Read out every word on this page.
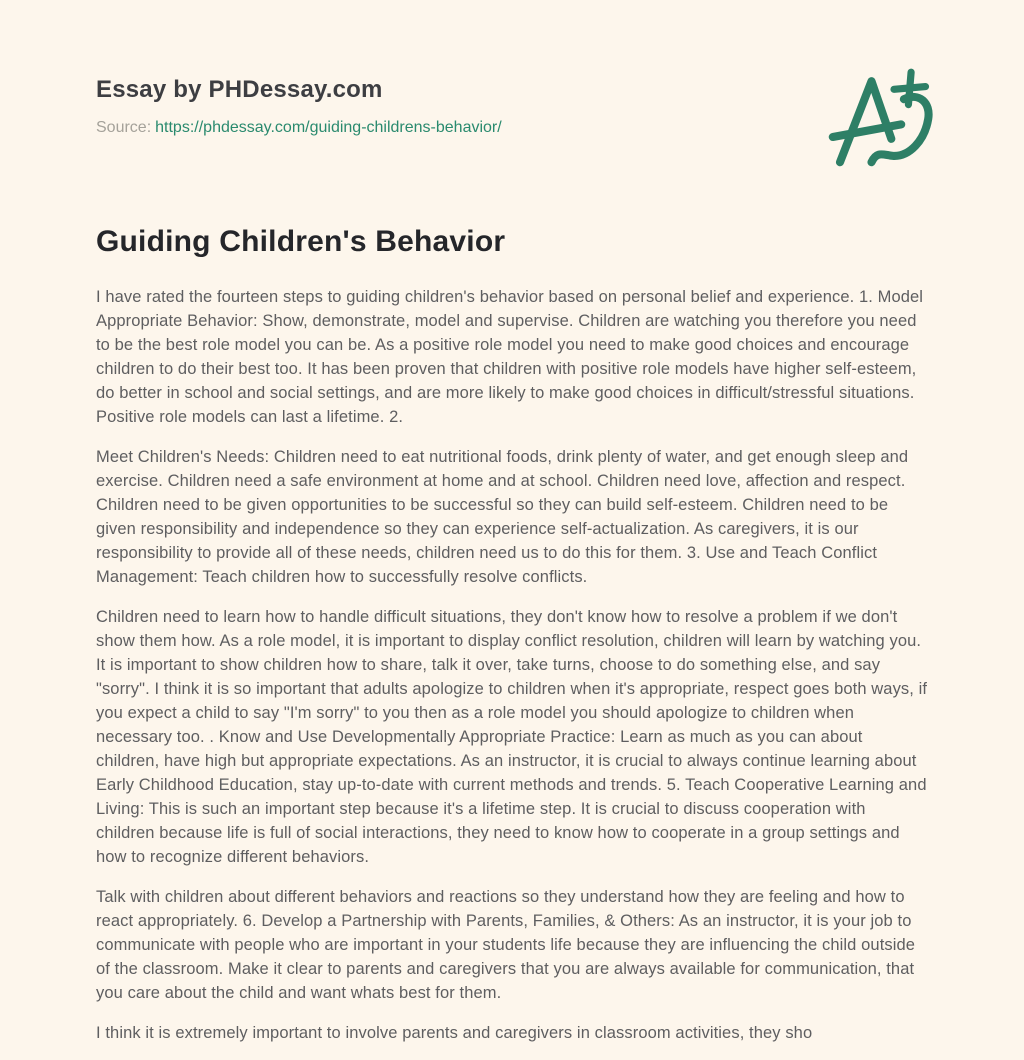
Essay by PHDessay.com
Source: https://phdessay.com/guiding-childrens-behavior/
Guiding Children's Behavior

I have rated the fourteen steps to guiding children's behavior based on personal belief and experience. 1. Model Appropriate Behavior: Show, demonstrate, model and supervise. Children are watching you therefore you need to be the best role model you can be. As a positive role model you need to make good choices and encourage children to do their best too. It has been proven that children with positive role models have higher self-esteem, do better in school and social settings, and are more likely to make good choices in difficult/stressful situations. Positive role models can last a lifetime. 2.

Meet Children's Needs: Children need to eat nutritional foods, drink plenty of water, and get enough sleep and exercise. Children need a safe environment at home and at school. Children need love, affection and respect. Children need to be given opportunities to be successful so they can build self-esteem. Children need to be given responsibility and independence so they can experience self-actualization. As caregivers, it is our responsibility to provide all of these needs, children need us to do this for them. 3. Use and Teach Conflict Management: Teach children how to successfully resolve conflicts.

Children need to learn how to handle difficult situations, they don't know how to resolve a problem if we don't show them how. As a role model, it is important to display conflict resolution, children will learn by watching you. It is important to show children how to share, talk it over, take turns, choose to do something else, and say "sorry". I think it is so important that adults apologize to children when it's appropriate, respect goes both ways, if you expect a child to say "I'm sorry" to you then as a role model you should apologize to children when necessary too. . Know and Use Developmentally Appropriate Practice: Learn as much as you can about children, have high but appropriate expectations. As an instructor, it is crucial to always continue learning about Early Childhood Education, stay up-to-date with current methods and trends. 5. Teach Cooperative Learning and Living: This is such an important step because it's a lifetime step. It is crucial to discuss cooperation with children because life is full of social interactions, they need to know how to cooperate in a group settings and how to recognize different behaviors.

Talk with children about different behaviors and reactions so they understand how they are feeling and how to react appropriately. 6. Develop a Partnership with Parents, Families, & Others: As an instructor, it is your job to communicate with people who are important in your students life because they are influencing the child outside of the classroom. Make it clear to parents and caregivers that you are always available for communication, that you care about the child and want whats best for them.

I think it is extremely important to involve parents and caregivers in classroom activities, they sho
